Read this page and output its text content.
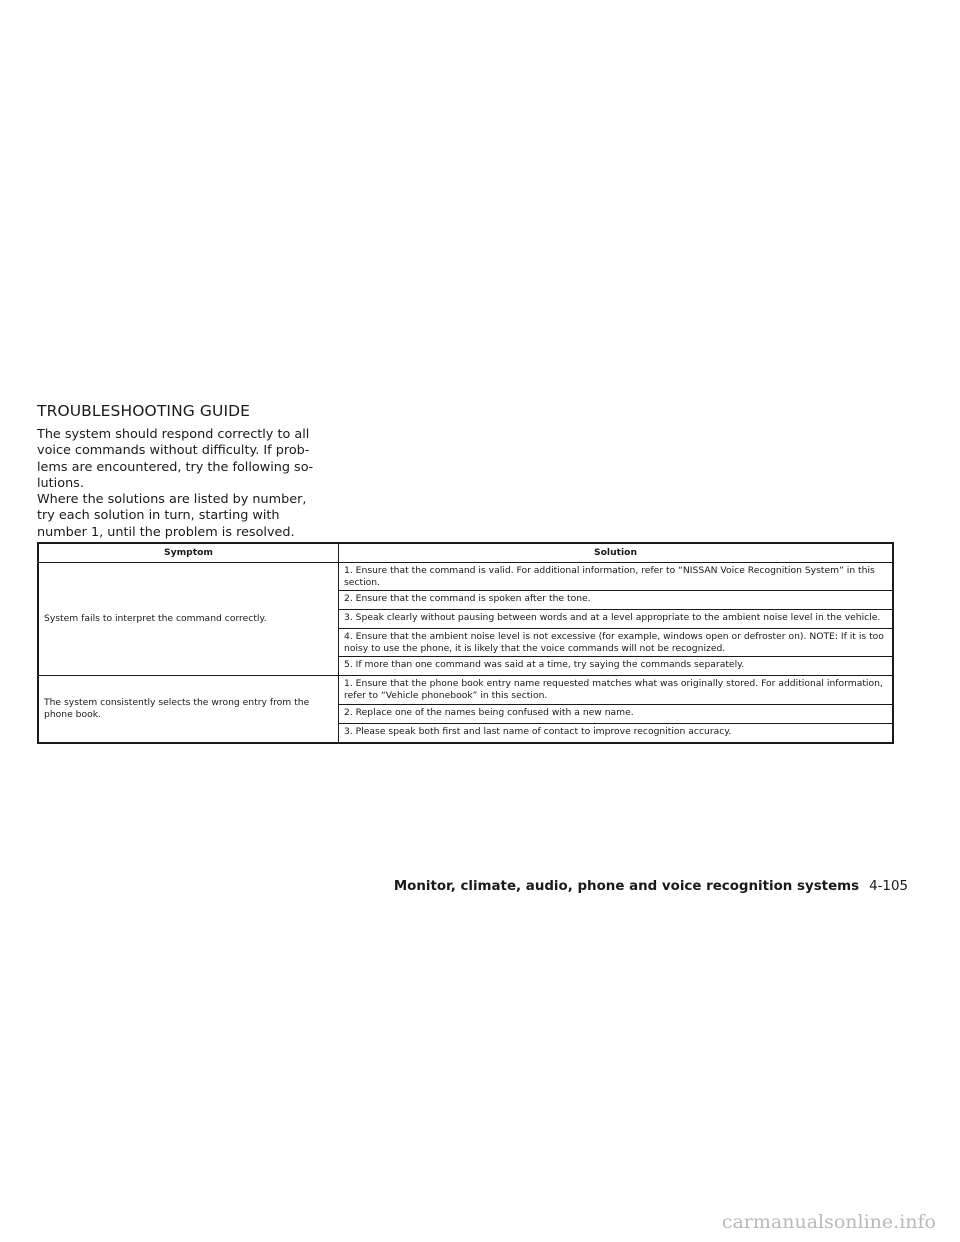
TROUBLESHOOTING GUIDE

The system should respond correctly to all voice commands without difficulty. If problems are encountered, try the following solutions.

Where the solutions are listed by number, try each solution in turn, starting with number 1, until the problem is resolved.

Symptom	Solution
System fails to interpret the command correctly.	1. Ensure that the command is valid. For additional information, refer to “NISSAN Voice Recognition System” in this section.
	2. Ensure that the command is spoken after the tone.
	3. Speak clearly without pausing between words and at a level appropriate to the ambient noise level in the vehicle.
	4. Ensure that the ambient noise level is not excessive (for example, windows open or defroster on). NOTE: If it is too noisy to use the phone, it is likely that the voice commands will not be recognized.
	5. If more than one command was said at a time, try saying the commands separately.
The system consistently selects the wrong entry from the phone book.	1. Ensure that the phone book entry name requested matches what was originally stored. For additional information, refer to “Vehicle phonebook” in this section.
	2. Replace one of the names being confused with a new name.
	3. Please speak both first and last name of contact to improve recognition accuracy.
Monitor, climate, audio, phone and voice recognition systems 4-105
carmanualsonline.info
